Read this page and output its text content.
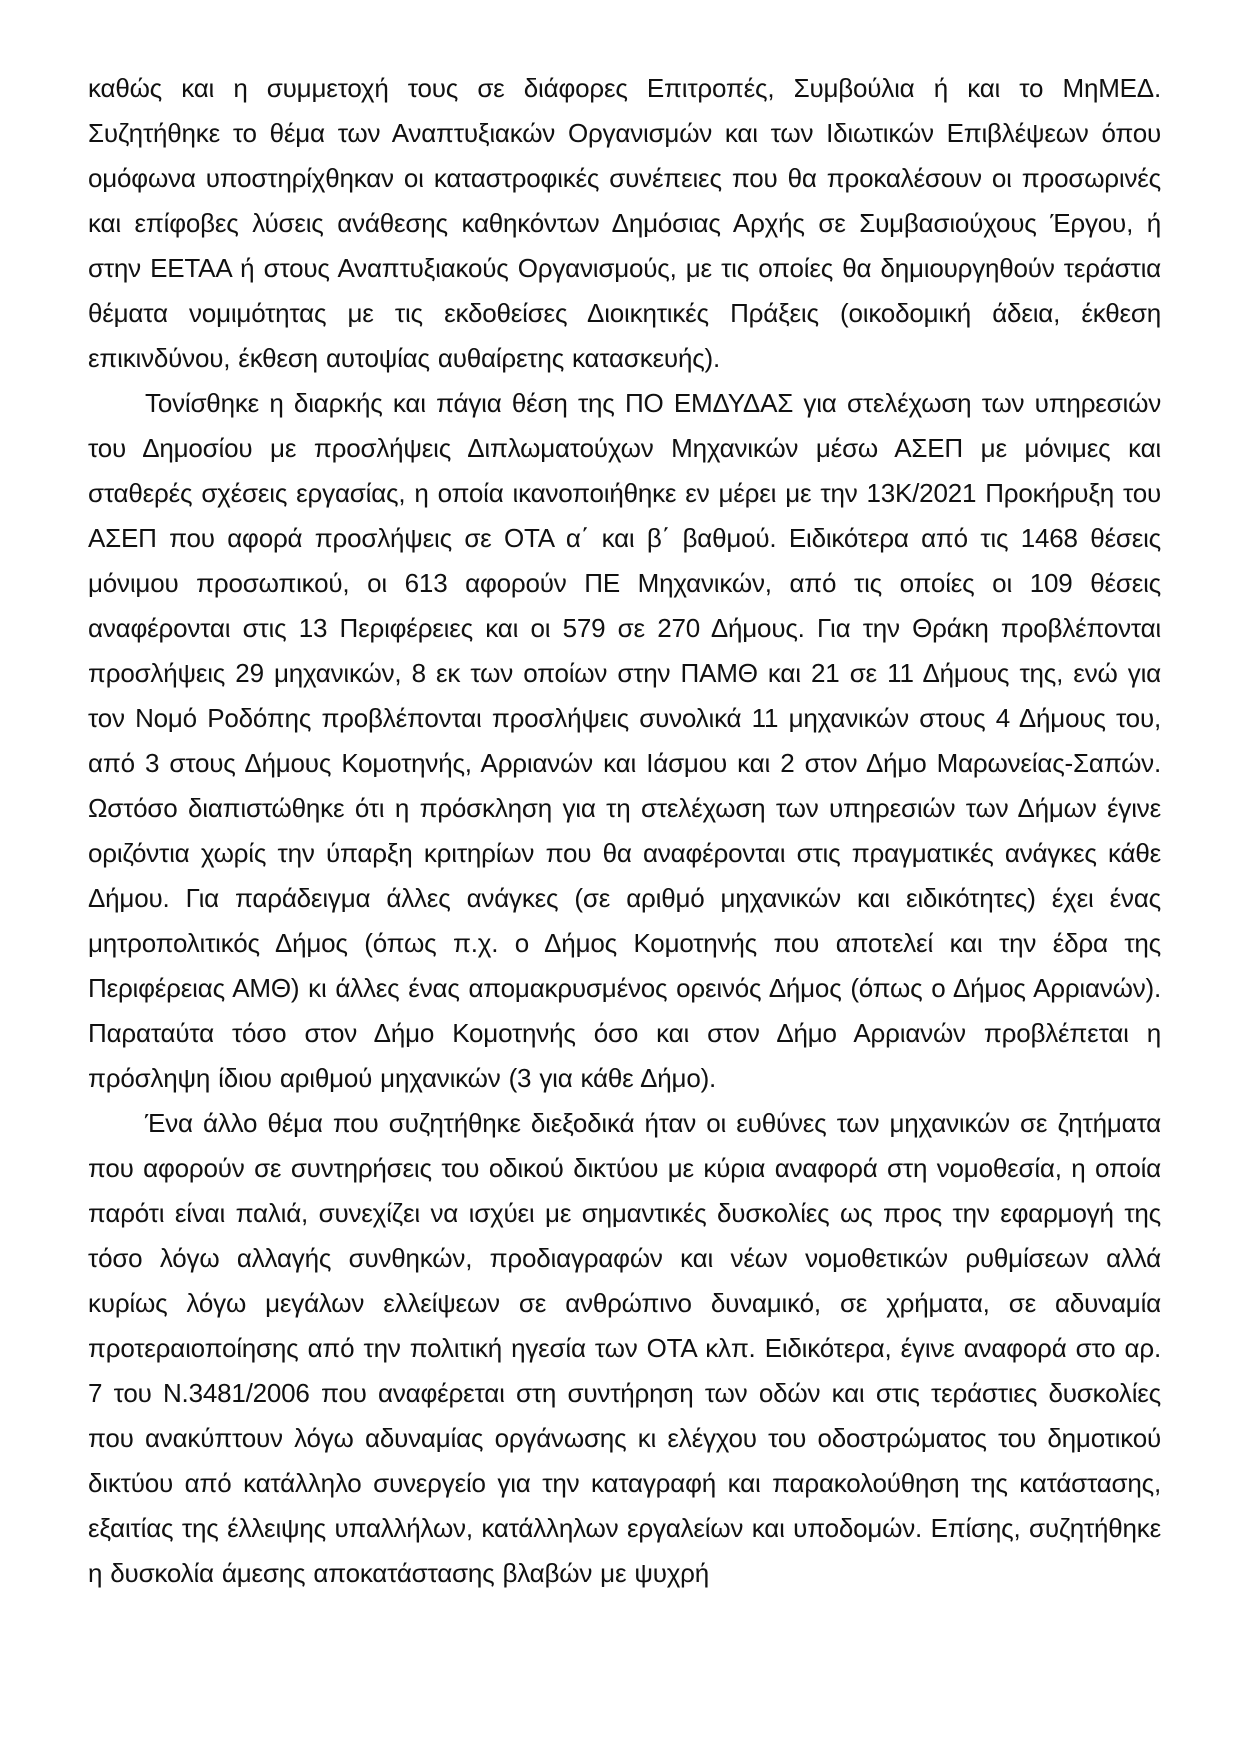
καθώς και η συμμετοχή τους σε διάφορες Επιτροπές, Συμβούλια ή και το ΜηΜΕΔ. Συζητήθηκε το θέμα των Αναπτυξιακών Οργανισμών και των Ιδιωτικών Επιβλέψεων όπου ομόφωνα υποστηρίχθηκαν οι καταστροφικές συνέπειες που θα προκαλέσουν οι προσωρινές και επίφοβες λύσεις ανάθεσης καθηκόντων Δημόσιας Αρχής σε Συμβασιούχους Έργου, ή στην ΕΕΤΑΑ ή στους Αναπτυξιακούς Οργανισμούς, με τις οποίες θα δημιουργηθούν τεράστια θέματα νομιμότητας με τις εκδοθείσες Διοικητικές Πράξεις (οικοδομική άδεια, έκθεση επικινδύνου, έκθεση αυτοψίας αυθαίρετης κατασκευής).

Τονίσθηκε η διαρκής και πάγια θέση της ΠΟ ΕΜΔΥΔΑΣ για στελέχωση των υπηρεσιών του Δημοσίου με προσλήψεις Διπλωματούχων Μηχανικών μέσω ΑΣΕΠ με μόνιμες και σταθερές σχέσεις εργασίας, η οποία ικανοποιήθηκε εν μέρει με την 13Κ/2021 Προκήρυξη του ΑΣΕΠ που αφορά προσλήψεις σε ΟΤΑ α΄ και β΄ βαθμού. Ειδικότερα από τις 1468 θέσεις μόνιμου προσωπικού, οι 613 αφορούν ΠΕ Μηχανικών, από τις οποίες οι 109 θέσεις αναφέρονται στις 13 Περιφέρειες και οι 579 σε 270 Δήμους. Για την Θράκη προβλέπονται προσλήψεις 29 μηχανικών, 8 εκ των οποίων στην ΠΑΜΘ και 21 σε 11 Δήμους της, ενώ για τον Νομό Ροδόπης προβλέπονται προσλήψεις συνολικά 11 μηχανικών στους 4 Δήμους του, από 3 στους Δήμους Κομοτηνής, Αρριανών και Ιάσμου και 2 στον Δήμο Μαρωνείας-Σαπών. Ωστόσο διαπιστώθηκε ότι η πρόσκληση για τη στελέχωση των υπηρεσιών των Δήμων έγινε οριζόντια χωρίς την ύπαρξη κριτηρίων που θα αναφέρονται στις πραγματικές ανάγκες κάθε Δήμου. Για παράδειγμα άλλες ανάγκες (σε αριθμό μηχανικών και ειδικότητες) έχει ένας μητροπολιτικός Δήμος (όπως π.χ. ο Δήμος Κομοτηνής που αποτελεί και την έδρα της Περιφέρειας ΑΜΘ) κι άλλες ένας απομακρυσμένος ορεινός Δήμος (όπως ο Δήμος Αρριανών). Παραταύτα τόσο στον Δήμο Κομοτηνής όσο και στον Δήμο Αρριανών προβλέπεται η πρόσληψη ίδιου αριθμού μηχανικών (3 για κάθε Δήμο).

Ένα άλλο θέμα που συζητήθηκε διεξοδικά ήταν οι ευθύνες των μηχανικών σε ζητήματα που αφορούν σε συντηρήσεις του οδικού δικτύου με κύρια αναφορά στη νομοθεσία, η οποία παρότι είναι παλιά, συνεχίζει να ισχύει με σημαντικές δυσκολίες ως προς την εφαρμογή της τόσο λόγω αλλαγής συνθηκών, προδιαγραφών και νέων νομοθετικών ρυθμίσεων αλλά κυρίως λόγω μεγάλων ελλείψεων σε ανθρώπινο δυναμικό, σε χρήματα, σε αδυναμία προτεραιοποίησης από την πολιτική ηγεσία των ΟΤΑ κλπ. Ειδικότερα, έγινε αναφορά στο αρ. 7 του Ν.3481/2006 που αναφέρεται στη συντήρηση των οδών και στις τεράστιες δυσκολίες που ανακύπτουν λόγω αδυναμίας οργάνωσης κι ελέγχου του οδοστρώματος του δημοτικού δικτύου από κατάλληλο συνεργείο για την καταγραφή και παρακολούθηση της κατάστασης, εξαιτίας της έλλειψης υπαλλήλων, κατάλληλων εργαλείων και υποδομών. Επίσης, συζητήθηκε η δυσκολία άμεσης αποκατάστασης βλαβών με ψυχρή
